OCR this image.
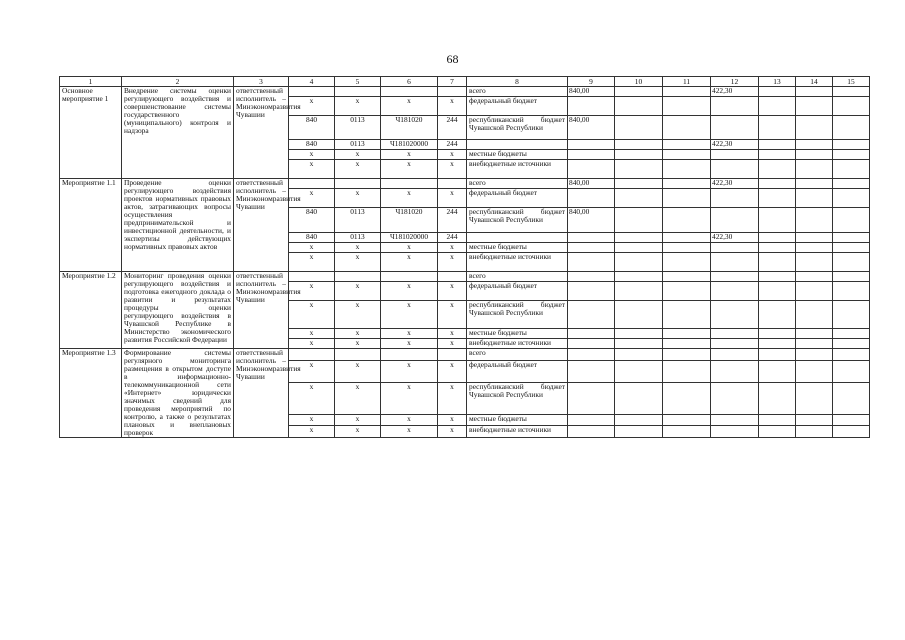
68
1	2	3	4	5	6	7	8	9	10	11	12	13	14	15
Основное мероприятие 1	Внедрение системы оценки регулирующего воздействия и совершенствование системы государственного (муниципального) контроля и надзора	ответственный исполнитель – Минэкономразвития Чувашии					всего	840,00			422,30			
			x	x	x	x	федеральный бюджет							
			840	0113	Ч181020	244	республиканский бюджет Чувашской Республики	840,00						
			840	0113	Ч181020000	244					422,30			
			x	x	x	x	местные бюджеты							
			x	x	x	x	внебюджетные источники							
Мероприятие 1.1	Проведение оценки регулирующего воздействия проектов нормативных правовых актов, затрагивающих вопросы осуществления предпринимательской и инвестиционной деятельности, и экспертизы действующих нормативных правовых актов	ответственный исполнитель – Минэкономразвития Чувашии					всего	840,00			422,30			
			x	x	x	x	федеральный бюджет							
			840	0113	Ч181020	244	республиканский бюджет Чувашской Республики	840,00						
			840	0113	Ч181020000	244					422,30			
			x	x	x	x	местные бюджеты							
			x	x	x	x	внебюджетные источники							
Мероприятие 1.2	Мониторинг проведения оценки регулирующего воздействия и подготовка ежегодного доклада о развитии и результатах процедуры оценки регулирующего воздействия в Чувашской Республике в Министерство экономического развития Российской Федерации	ответственный исполнитель – Минэкономразвития Чувашии					всего							
			x	x	x	x	федеральный бюджет							
			x	x	x	x	республиканский бюджет Чувашской Республики							
			x	x	x	x	местные бюджеты							
			x	x	x	x	внебюджетные источники							
Мероприятие 1.3	Формирование системы регулярного мониторинга размещения в открытом доступе в информационно-телекоммуникационной сети «Интернет» юридически значимых сведений для проведения мероприятий по контролю, а также о результатах плановых и внеплановых проверок	ответственный исполнитель – Минэкономразвития Чувашии					всего							
			x	x	x	x	федеральный бюджет							
			x	x	x	x	республиканский бюджет Чувашской Республики							
			x	x	x	x	местные бюджеты							
			x	x	x	x	внебюджетные источники							
